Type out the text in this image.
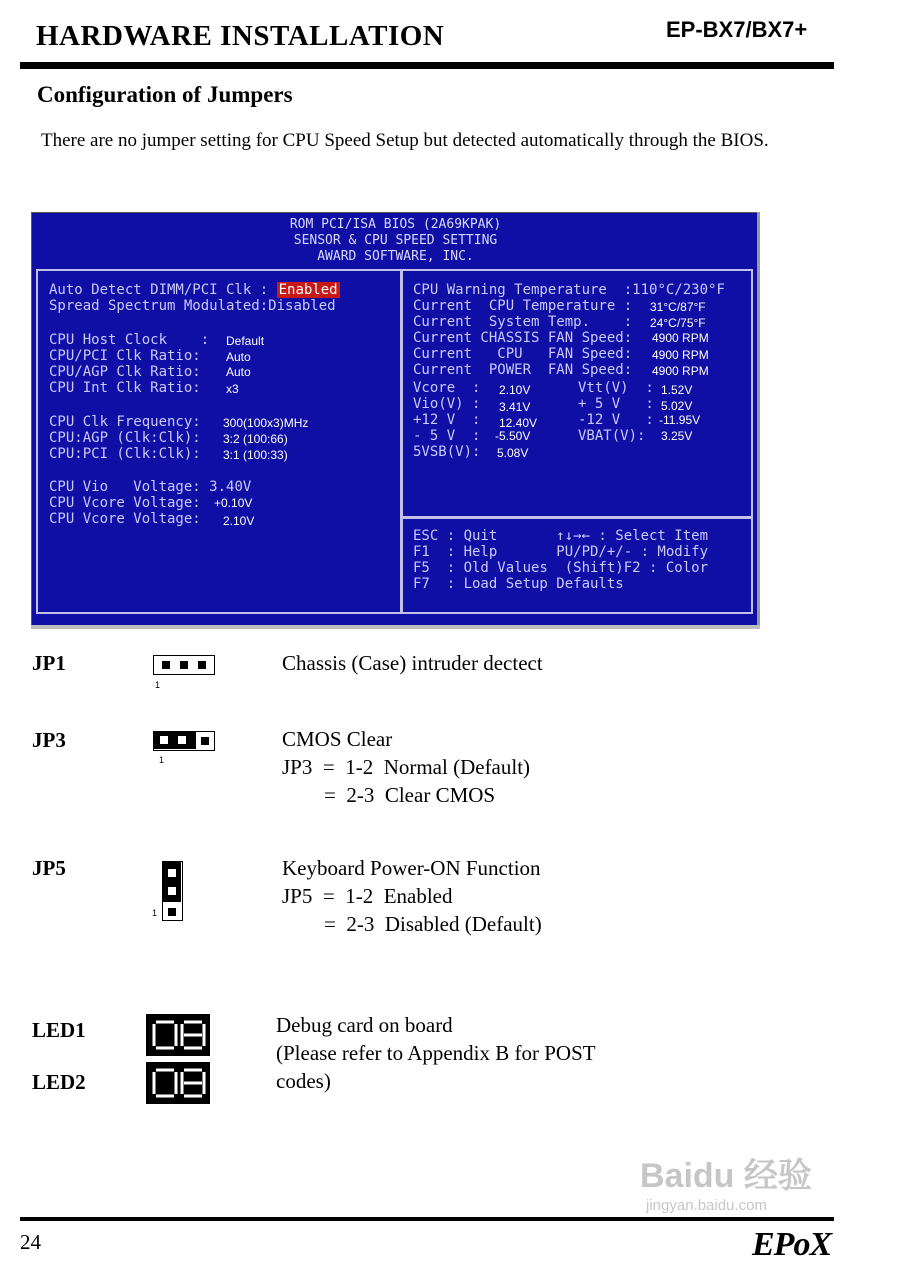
HARDWARE INSTALLATION	EP-BX7/BX7+
Configuration of Jumpers
There are no jumper setting for CPU Speed Setup but detected automatically through the BIOS.
ROM PCI/ISA BIOS (2A69KPAK)
SENSOR & CPU SPEED SETTING
AWARD SOFTWARE, INC.
Auto Detect DIMM/PCI Clk : Enabled
Spread Spectrum Modulated:Disabled
CPU Host Clock    : Default
CPU/PCI Clk Ratio: Auto
CPU/AGP Clk Ratio: Auto
CPU Int Clk Ratio: x3
CPU Clk Frequency: 300(100x3)MHz
CPU:AGP (Clk:Clk): 3:2 (100:66)
CPU:PCI (Clk:Clk): 3:1 (100:33)
CPU Vio   Voltage: 3.40V
CPU Vcore Voltage: +0.10V
CPU Vcore Voltage: 2.10V
CPU Warning Temperature  :110°C/230°F
Current  CPU Temperature : 31°C/87°F
Current  System Temp.    : 24°C/75°F
Current CHASSIS FAN Speed: 4900 RPM
Current   CPU   FAN Speed: 4900 RPM
Current  POWER  FAN Speed: 4900 RPM
Vcore  : 2.10V	Vtt(V)  : 1.52V
Vio(V) : 3.41V	+ 5 V   : 5.02V
+12 V  : 12.40V	-12 V   : -11.95V
- 5 V  : -5.50V	VBAT(V): 3.25V
5VSB(V): 5.08V
ESC : Quit       ↑↓→← : Select Item
F1  : Help       PU/PD/+/- : Modify
F5  : Old Values  (Shift)F2 : Color
F7  : Load Setup Defaults
JP1
1
Chassis (Case) intruder dectect
JP3
1
CMOS Clear
JP3  =  1-2  Normal (Default)
=  2-3  Clear CMOS
JP5
1
Keyboard Power-ON Function
JP5  =  1-2  Enabled
=  2-3  Disabled (Default)
LED1
LED2
Debug card on board
(Please refer to Appendix B for POST
codes)
Baidu 经验
jingyan.baidu.com
24	EPoX
